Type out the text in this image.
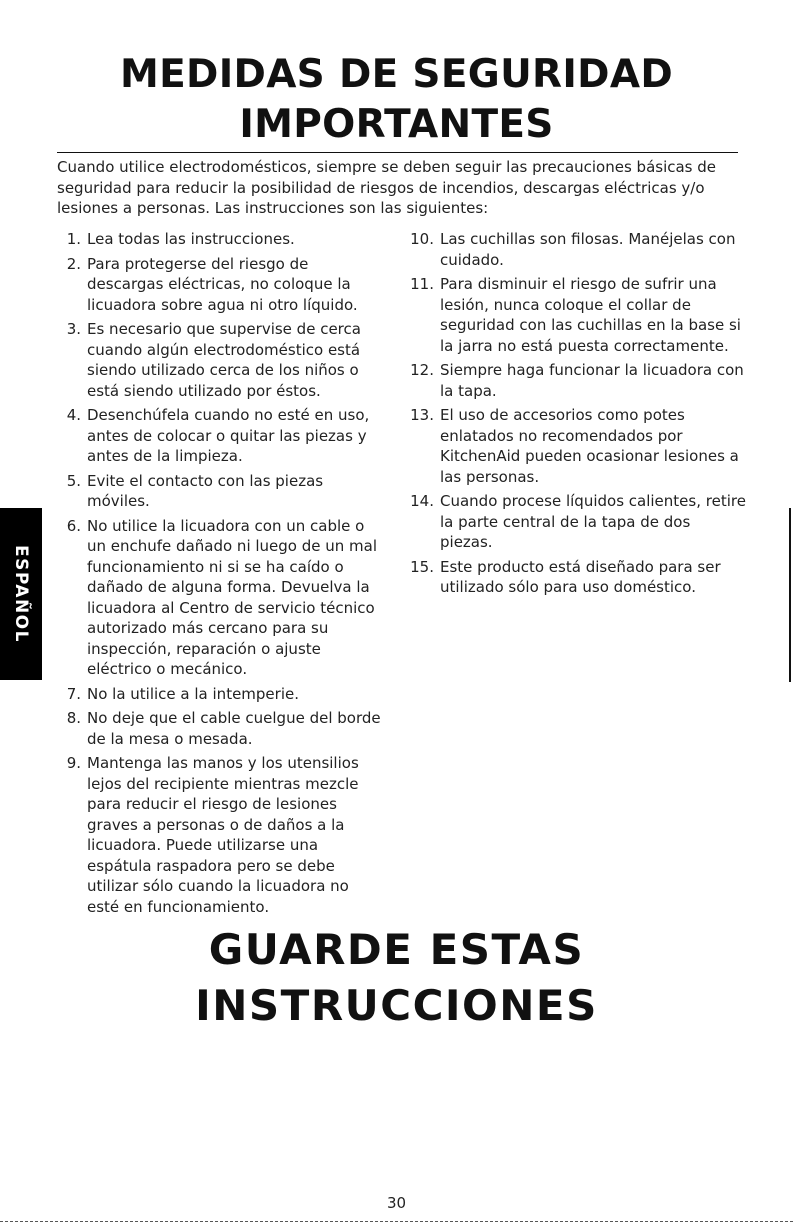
MEDIDAS DE SEGURIDAD
IMPORTANTES
Cuando utilice electrodomésticos, siempre se deben seguir las precauciones básicas de seguridad para reducir la posibilidad de riesgos de incendios, descargas eléctricas y/o lesiones a personas. Las instrucciones son las siguientes:
1. Lea todas las instrucciones.
2. Para protegerse del riesgo de descargas eléctricas, no coloque la licuadora sobre agua ni otro líquido.
3. Es necesario que supervise de cerca cuando algún electrodoméstico está siendo utilizado cerca de los niños o está siendo utilizado por éstos.
4. Desenchúfela cuando no esté en uso, antes de colocar o quitar las piezas y antes de la limpieza.
5. Evite el contacto con las piezas móviles.
6. No utilice la licuadora con un cable o un enchufe dañado ni luego de un mal funcionamiento ni si se ha caído o dañado de alguna forma. Devuelva la licuadora al Centro de servicio técnico autorizado más cercano para su inspección, reparación o ajuste eléctrico o mecánico.
7. No la utilice a la intemperie.
8. No deje que el cable cuelgue del borde de la mesa o mesada.
9. Mantenga las manos y los utensilios lejos del recipiente mientras mezcle para reducir el riesgo de lesiones graves a personas o de daños a la licuadora. Puede utilizarse una espátula raspadora pero se debe utilizar sólo cuando la licuadora no esté en funcionamiento.
10. Las cuchillas son filosas. Manéjelas con cuidado.
11. Para disminuir el riesgo de sufrir una lesión, nunca coloque el collar de seguridad con las cuchillas en la base si la jarra no está puesta correctamente.
12. Siempre haga funcionar la licuadora con la tapa.
13. El uso de accesorios como potes enlatados no recomendados por KitchenAid pueden ocasionar lesiones a las personas.
14. Cuando procese líquidos calientes, retire la parte central de la tapa de dos piezas.
15. Este producto está diseñado para ser utilizado sólo para uso doméstico.
ESPAÑOL
GUARDE ESTAS INSTRUCCIONES
30
